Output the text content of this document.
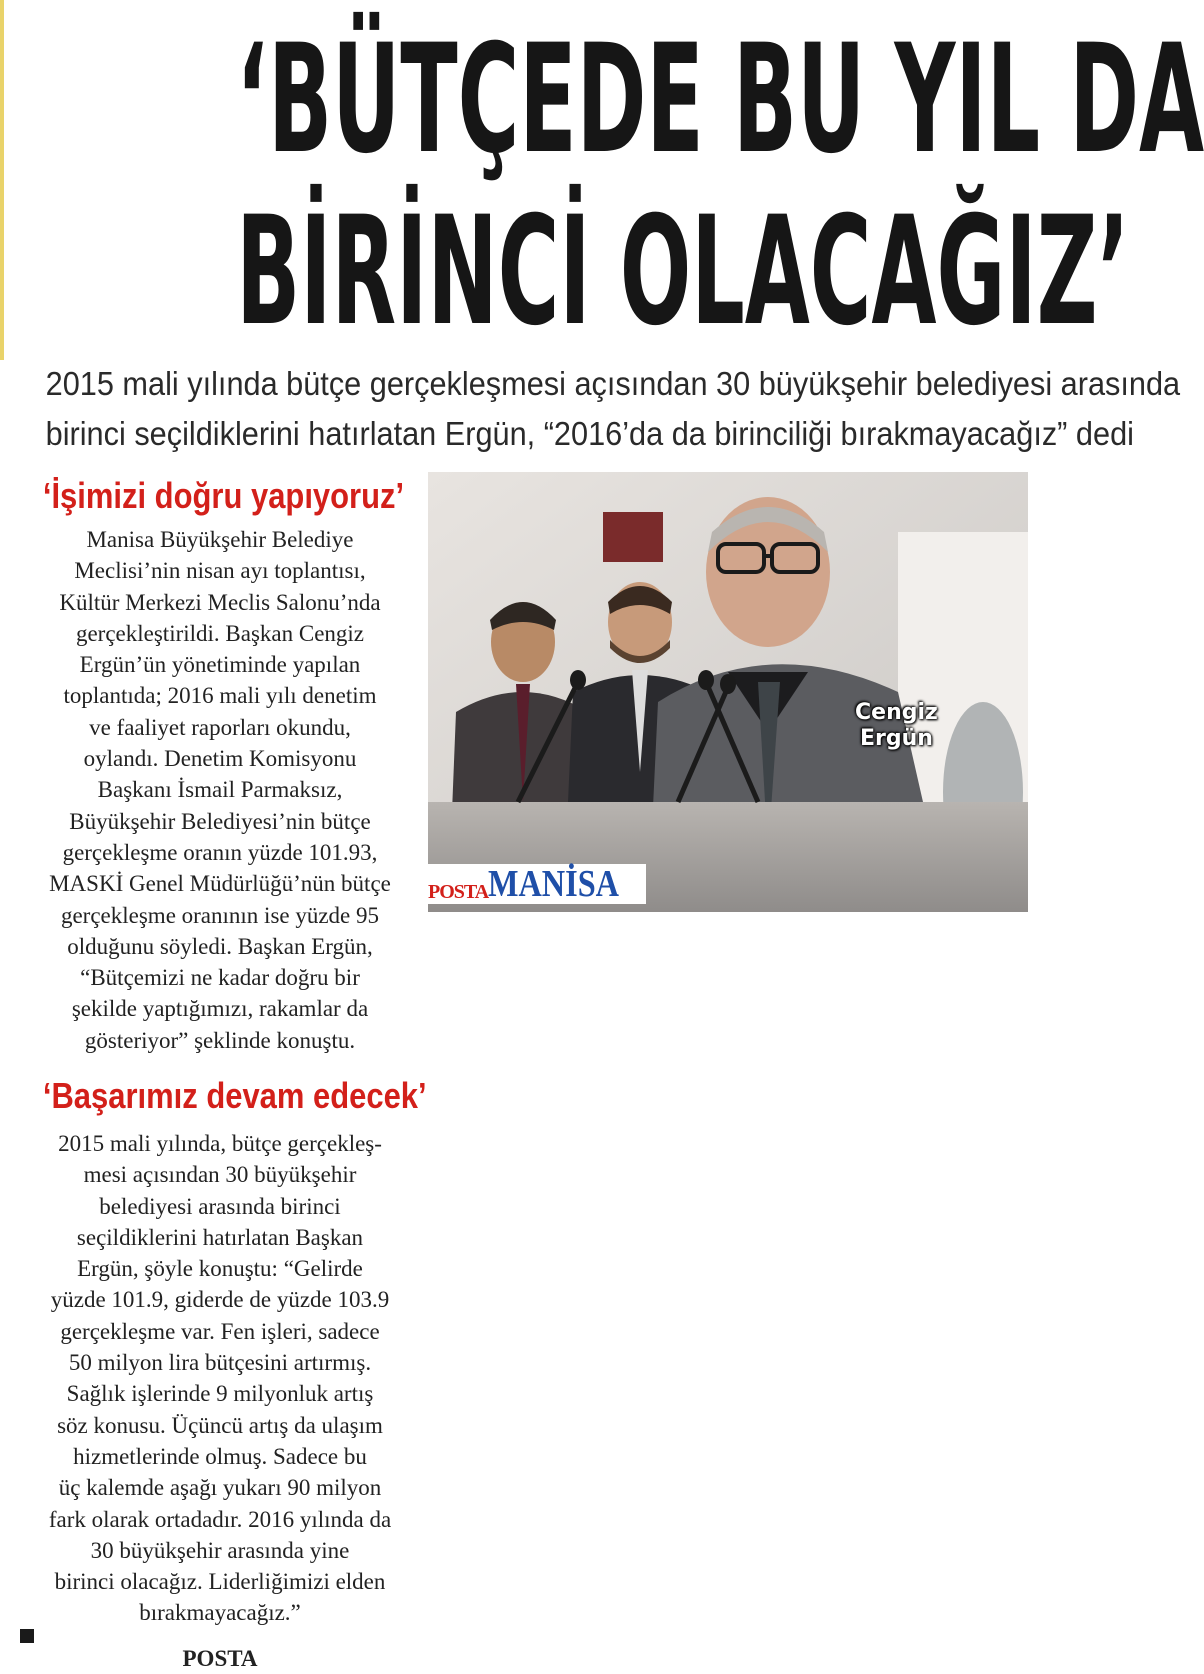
‘BÜTÇEDE BU YIL DA
BİRİNCİ OLACAĞIZ’

2015 mali yılında bütçe gerçekleşmesi açısından 30 büyükşehir belediyesi arasında

birinci seçildiklerini hatırlatan Ergün, “2016’da da birinciliği bırakmayacağız” dedi

‘İşimizi doğru yapıyoruz’
Manisa Büyükşehir Belediye
Meclisi’nin nisan ayı toplantısı,
Kültür Merkezi Meclis Salonu’nda
gerçekleştirildi. Başkan Cengiz
Ergün’ün yönetiminde yapılan
toplantıda; 2016 mali yılı denetim
ve faaliyet raporları okundu,
oylandı. Denetim Komisyonu
Başkanı İsmail Parmaksız,
Büyükşehir Belediyesi’nin bütçe
gerçekleşme oranın yüzde 101.93,
MASKİ Genel Müdürlüğü’nün bütçe
gerçekleşme oranının ise yüzde 95
olduğunu söyledi. Başkan Ergün,
“Bütçemizi ne kadar doğru bir
şekilde yaptığımızı, rakamlar da
gösteriyor” şeklinde konuştu.
‘Başarımız devam edecek’
2015 mali yılında, bütçe gerçekleş-
mesi açısından 30 büyükşehir
belediyesi arasında birinci
seçildiklerini hatırlatan Başkan
Ergün, şöyle konuştu: “Gelirde
yüzde 101.9, giderde de yüzde 103.9
gerçekleşme var. Fen işleri, sadece
50 milyon lira bütçesini artırmış.
Sağlık işlerinde 9 milyonluk artış
söz konusu. Üçüncü artış da ulaşım
hizmetlerinde olmuş. Sadece bu
üç kalemde aşağı yukarı 90 milyon
fark olarak ortadadır. 2016 yılında da
30 büyükşehir arasında yine
birinci olacağız. Liderliğimizi elden
bırakmayacağız.”
POSTA
Cengiz
Ergün
POSTA MANİSA
